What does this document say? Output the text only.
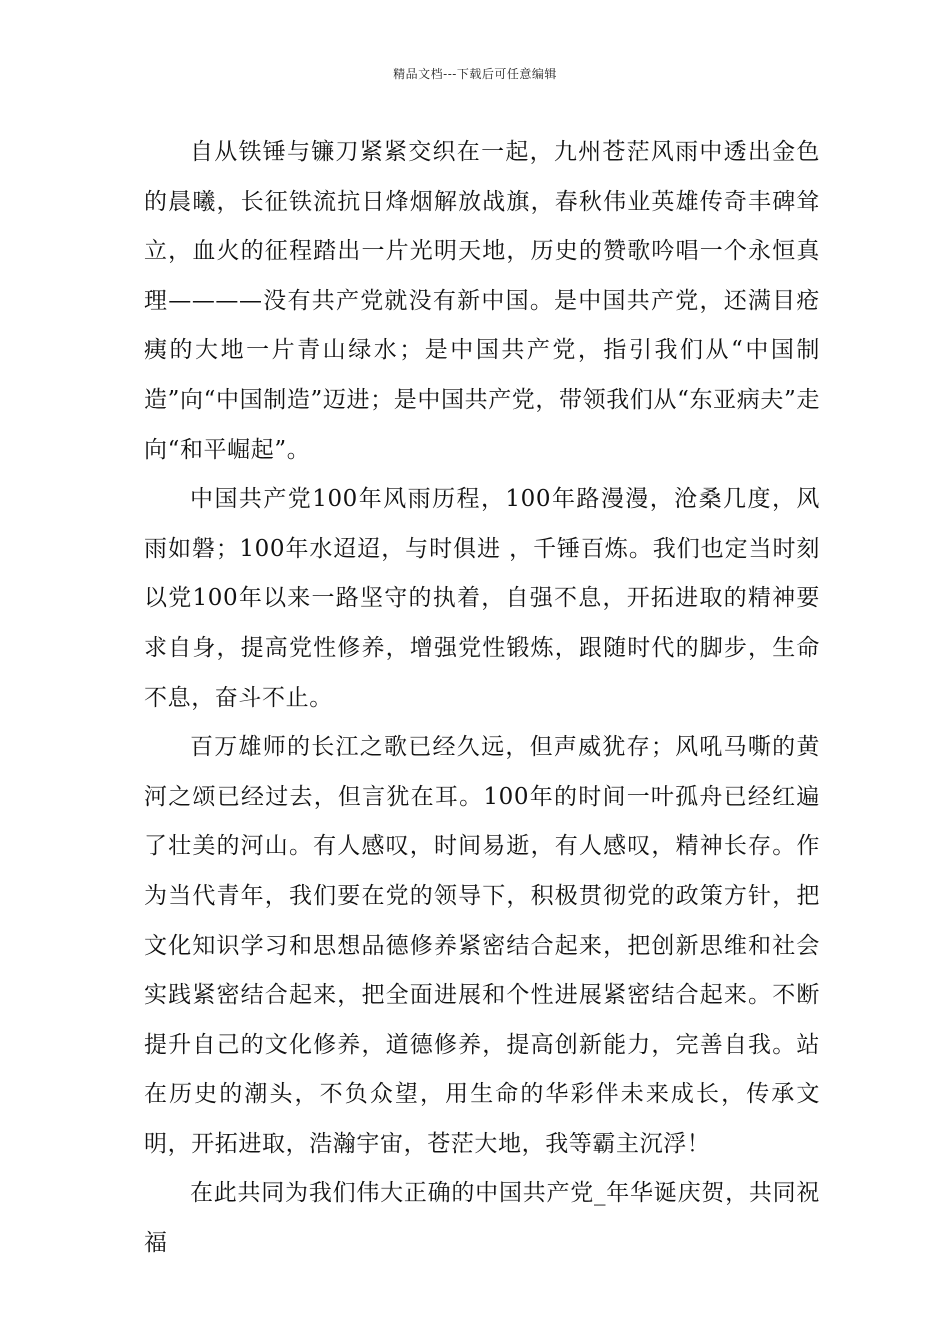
精品文档---下载后可任意编辑

自从铁锤与镰刀紧紧交织在一起，九州苍茫风雨中透出金色的晨曦，长征铁流抗日烽烟解放战旗，春秋伟业英雄传奇丰碑耸立，血火的征程踏出一片光明天地，历史的赞歌吟唱一个永恒真理————没有共产党就没有新中国。是中国共产党，还满目疮痍的大地一片青山绿水；是中国共产党，指引我们从“中国制造”向“中国制造”迈进；是中国共产党，带领我们从“东亚病夫”走向“和平崛起”。

中国共产党100年风雨历程，100年路漫漫，沧桑几度，风雨如磐；100年水迢迢，与时俱进 ，千锤百炼。我们也定当时刻以党100年以来一路坚守的执着，自强不息，开拓进取的精神要求自身，提高党性修养，增强党性锻炼，跟随时代的脚步，生命不息，奋斗不止。

百万雄师的长江之歌已经久远，但声威犹存；风吼马嘶的黄河之颂已经过去，但言犹在耳。100年的时间一叶孤舟已经红遍了壮美的河山。有人感叹，时间易逝，有人感叹，精神长存。作为当代青年，我们要在党的领导下，积极贯彻党的政策方针，把文化知识学习和思想品德修养紧密结合起来，把创新思维和社会实践紧密结合起来，把全面进展和个性进展紧密结合起来。不断提升自己的文化修养，道德修养，提高创新能力，完善自我。站在历史的潮头，不负众望，用生命的华彩伴未来成长，传承文明，开拓进取，浩瀚宇宙，苍茫大地，我等霸主沉浮！

在此共同为我们伟大正确的中国共产党_年华诞庆贺，共同祝福
